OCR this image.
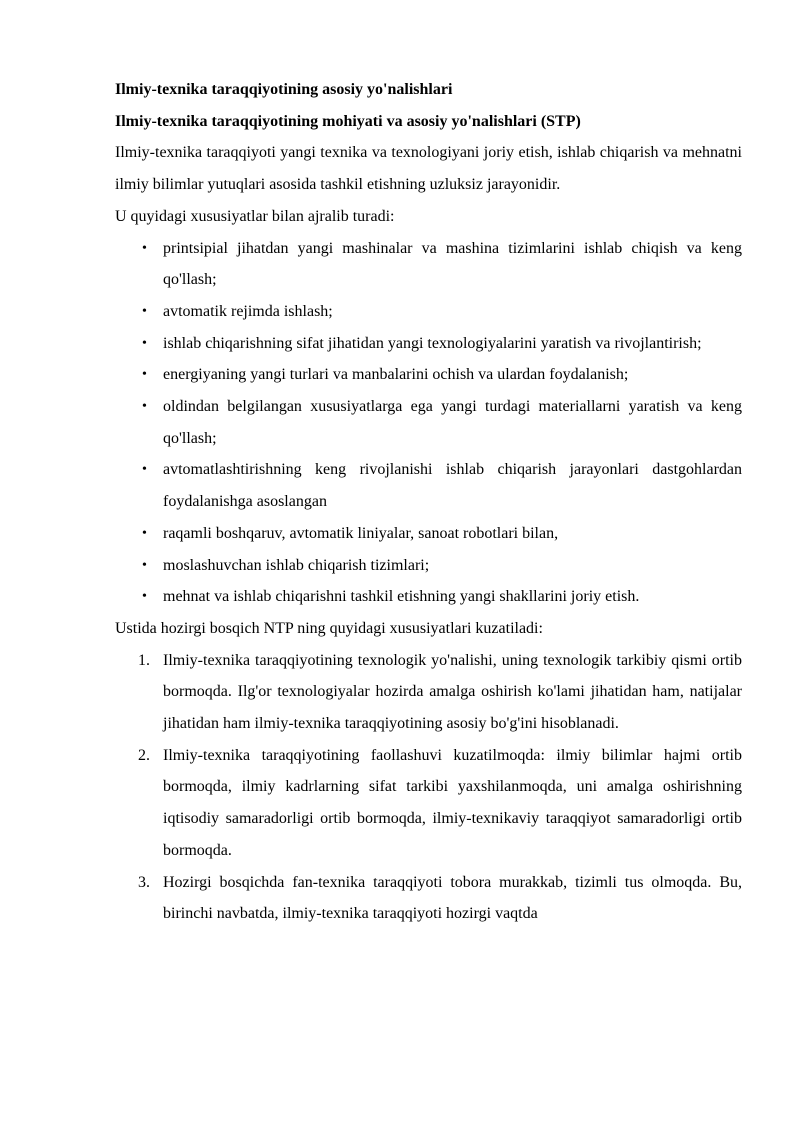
Ilmiy-texnika taraqqiyotining asosiy yo'nalishlari

Ilmiy-texnika taraqqiyotining mohiyati va asosiy yo'nalishlari (STP)

Ilmiy-texnika taraqqiyoti yangi texnika va texnologiyani joriy etish, ishlab chiqarish va mehnatni ilmiy bilimlar yutuqlari asosida tashkil etishning uzluksiz jarayonidir.

U quyidagi xususiyatlar bilan ajralib turadi:

• printsipial jihatdan yangi mashinalar va mashina tizimlarini ishlab chiqish va keng qo'llash;
• avtomatik rejimda ishlash;
• ishlab chiqarishning sifat jihatidan yangi texnologiyalarini yaratish va rivojlantirish;
• energiyaning yangi turlari va manbalarini ochish va ulardan foydalanish;
• oldindan belgilangan xususiyatlarga ega yangi turdagi materiallarni yaratish va keng qo'llash;
• avtomatlashtirishning keng rivojlanishi ishlab chiqarish jarayonlari dastgohlardan foydalanishga asoslangan
• raqamli boshqaruv, avtomatik liniyalar, sanoat robotlari bilan,
• moslashuvchan ishlab chiqarish tizimlari;
• mehnat va ishlab chiqarishni tashkil etishning yangi shakllarini joriy etish.

Ustida hozirgi bosqich NTP ning quyidagi xususiyatlari kuzatiladi:

1. Ilmiy-texnika taraqqiyotining texnologik yo'nalishi, uning texnologik tarkibiy qismi ortib bormoqda. Ilg'or texnologiyalar hozirda amalga oshirish ko'lami jihatidan ham, natijalar jihatidan ham ilmiy-texnika taraqqiyotining asosiy bo'g'ini hisoblanadi.
2. Ilmiy-texnika taraqqiyotining faollashuvi kuzatilmoqda: ilmiy bilimlar hajmi ortib bormoqda, ilmiy kadrlarning sifat tarkibi yaxshilanmoqda, uni amalga oshirishning iqtisodiy samaradorligi ortib bormoqda, ilmiy-texnikaviy taraqqiyot samaradorligi ortib bormoqda.
3. Hozirgi bosqichda fan-texnika taraqqiyoti tobora murakkab, tizimli tus olmoqda. Bu, birinchi navbatda, ilmiy-texnika taraqqiyoti hozirgi vaqtda
